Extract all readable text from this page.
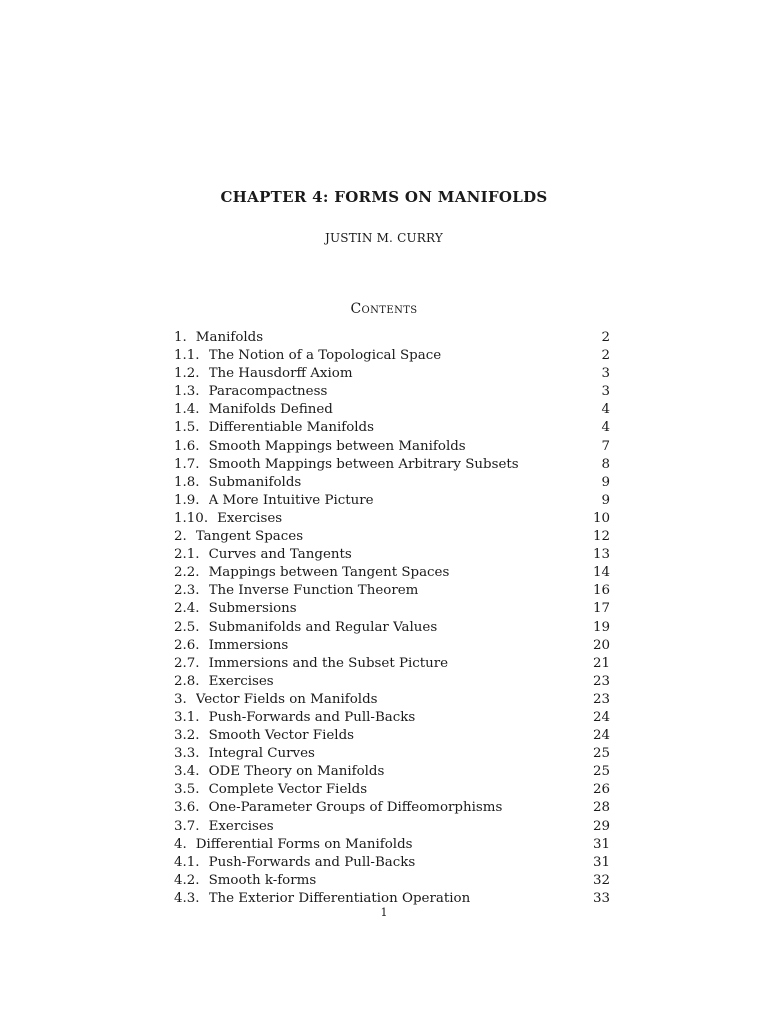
CHAPTER 4: FORMS ON MANIFOLDS
JUSTIN M. CURRY
Contents
1. Manifolds	2
1.1. The Notion of a Topological Space	2
1.2. The Hausdorff Axiom	3
1.3. Paracompactness	3
1.4. Manifolds Defined	4
1.5. Differentiable Manifolds	4
1.6. Smooth Mappings between Manifolds	7
1.7. Smooth Mappings between Arbitrary Subsets	8
1.8. Submanifolds	9
1.9. A More Intuitive Picture	9
1.10. Exercises	10
2. Tangent Spaces	12
2.1. Curves and Tangents	13
2.2. Mappings between Tangent Spaces	14
2.3. The Inverse Function Theorem	16
2.4. Submersions	17
2.5. Submanifolds and Regular Values	19
2.6. Immersions	20
2.7. Immersions and the Subset Picture	21
2.8. Exercises	23
3. Vector Fields on Manifolds	23
3.1. Push-Forwards and Pull-Backs	24
3.2. Smooth Vector Fields	24
3.3. Integral Curves	25
3.4. ODE Theory on Manifolds	25
3.5. Complete Vector Fields	26
3.6. One-Parameter Groups of Diffeomorphisms	28
3.7. Exercises	29
4. Differential Forms on Manifolds	31
4.1. Push-Forwards and Pull-Backs	31
4.2. Smooth k-forms	32
4.3. The Exterior Differentiation Operation	33
1
